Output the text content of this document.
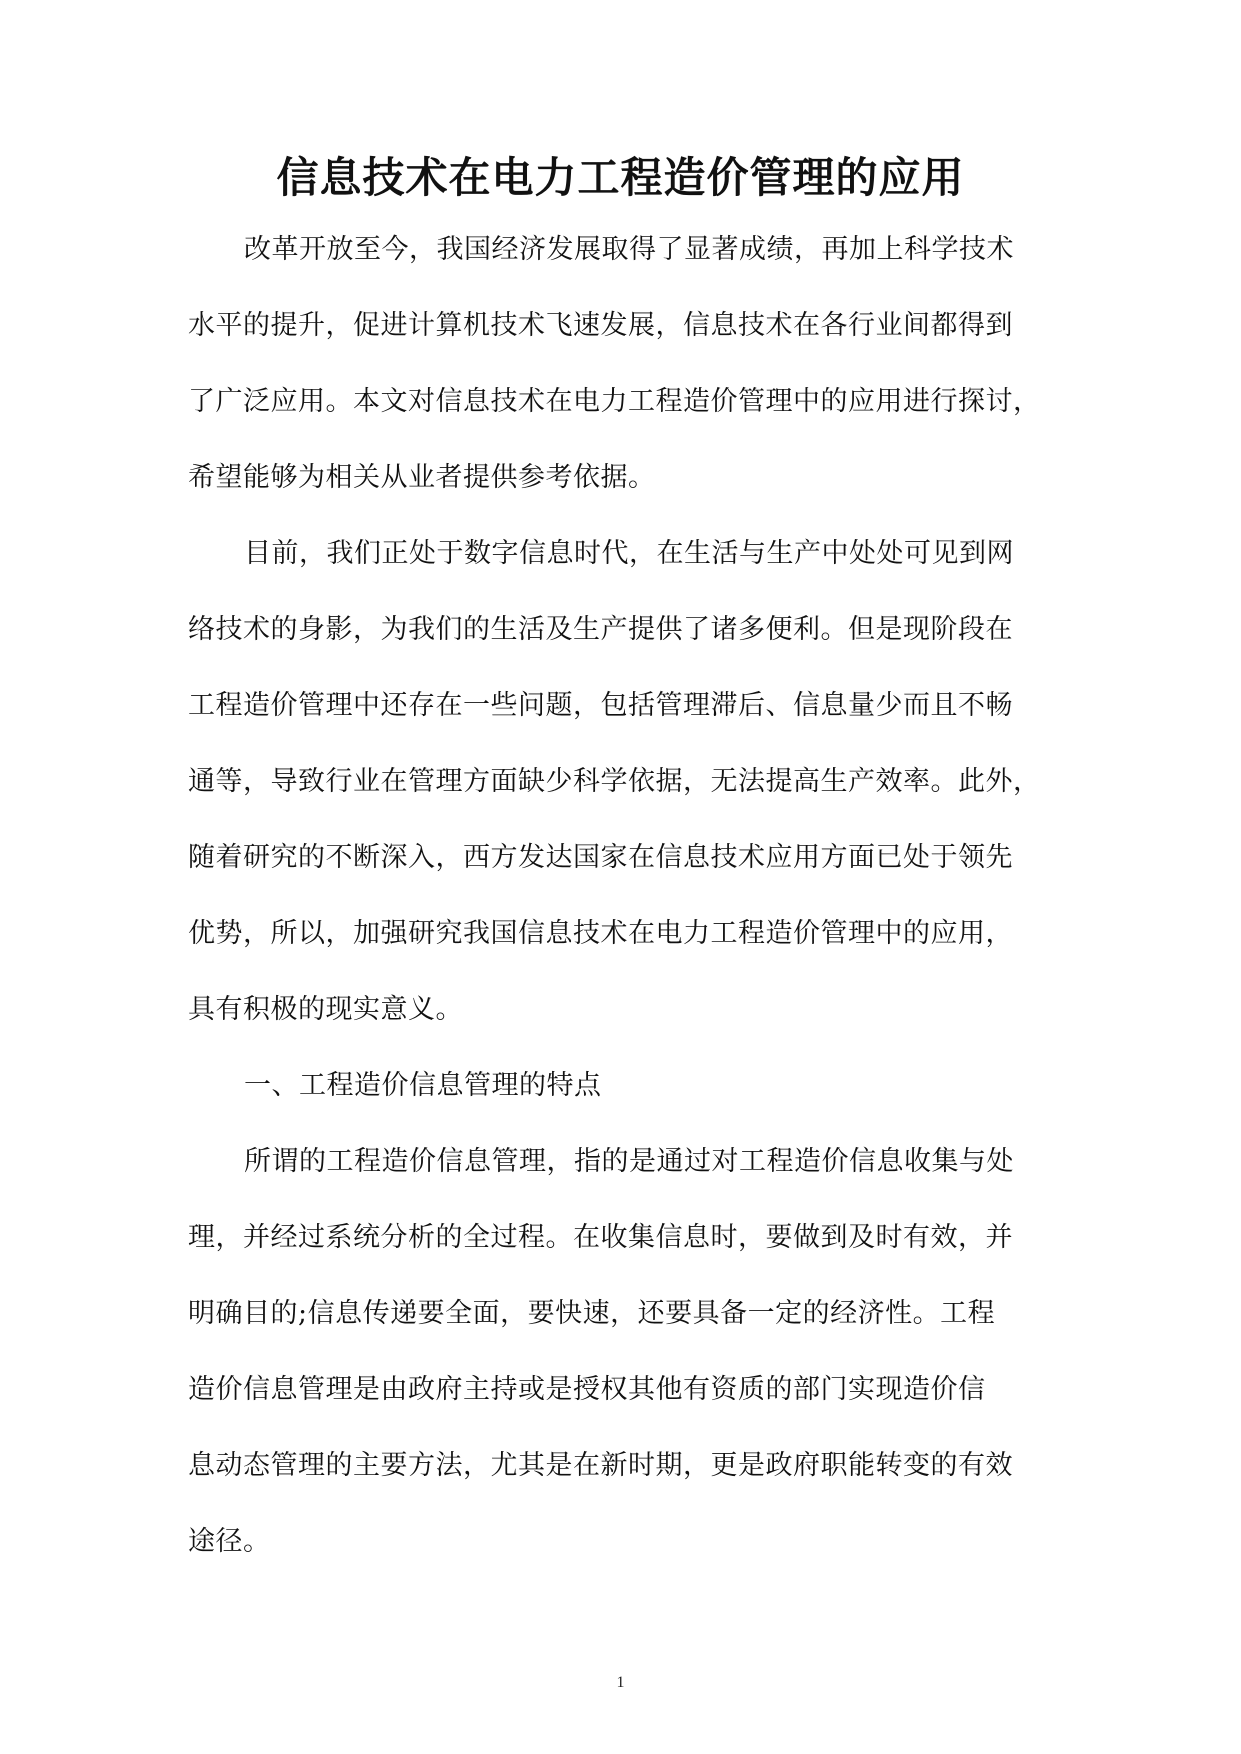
信息技术在电力工程造价管理的应用
改革开放至今，我国经济发展取得了显著成绩，再加上科学技术
水平的提升，促进计算机技术飞速发展，信息技术在各行业间都得到
了广泛应用。本文对信息技术在电力工程造价管理中的应用进行探讨，
希望能够为相关从业者提供参考依据。
目前，我们正处于数字信息时代，在生活与生产中处处可见到网
络技术的身影，为我们的生活及生产提供了诸多便利。但是现阶段在
工程造价管理中还存在一些问题，包括管理滞后、信息量少而且不畅
通等，导致行业在管理方面缺少科学依据，无法提高生产效率。此外，
随着研究的不断深入，西方发达国家在信息技术应用方面已处于领先
优势，所以，加强研究我国信息技术在电力工程造价管理中的应用，
具有积极的现实意义。
一、工程造价信息管理的特点
所谓的工程造价信息管理，指的是通过对工程造价信息收集与处
理，并经过系统分析的全过程。在收集信息时，要做到及时有效，并
明确目的;信息传递要全面，要快速，还要具备一定的经济性。工程
造价信息管理是由政府主持或是授权其他有资质的部门实现造价信
息动态管理的主要方法，尤其是在新时期，更是政府职能转变的有效
途径。
1
